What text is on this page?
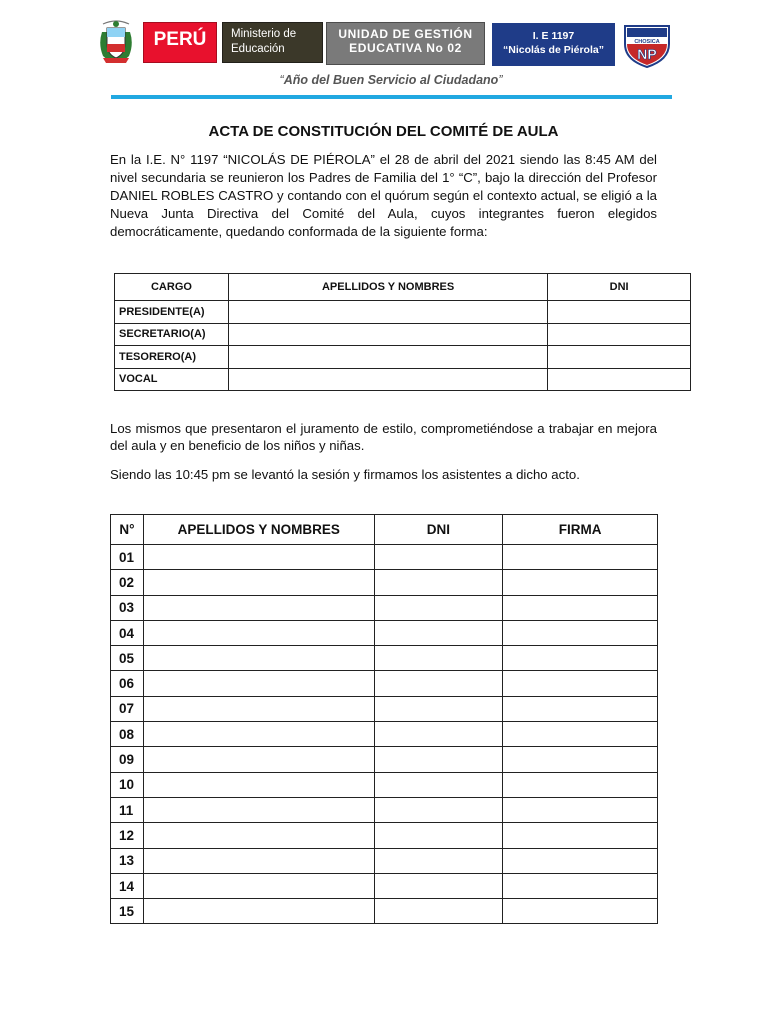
PERÚ Ministerio de
Educación
UNIDAD DE GESTIÓN
EDUCATIVA No 02
I. E 1197
“Nicolás de Piérola”
CHOSICA
NP
“Año del Buen Servicio al Ciudadano”
ACTA DE CONSTITUCIÓN DEL COMITÉ DE AULA
En la I.E. N° 1197 “NICOLÁS DE PIÉROLA” el 28 de abril del 2021 siendo las 8:45 AM del nivel secundaria se reunieron los Padres de Familia del 1° “C”, bajo la dirección del Profesor DANIEL ROBLES CASTRO y contando con el quórum según el contexto actual, se eligió a la Nueva Junta Directiva del Comité del Aula, cuyos integrantes fueron elegidos democráticamente, quedando conformada de la siguiente forma:
CARGO	APELLIDOS Y NOMBRES	DNI
PRESIDENTE(A)		
SECRETARIO(A)		
TESORERO(A)		
VOCAL		
Los mismos que presentaron el juramento de estilo, comprometiéndose a trabajar en mejora del aula y en beneficio de los niños y niñas.
Siendo las 10:45 pm se levantó la sesión y firmamos los asistentes a dicho acto.
N°	APELLIDOS Y NOMBRES	DNI	FIRMA
01			
02			
03			
04			
05			
06			
07			
08			
09			
10			
11			
12			
13			
14			
15			
